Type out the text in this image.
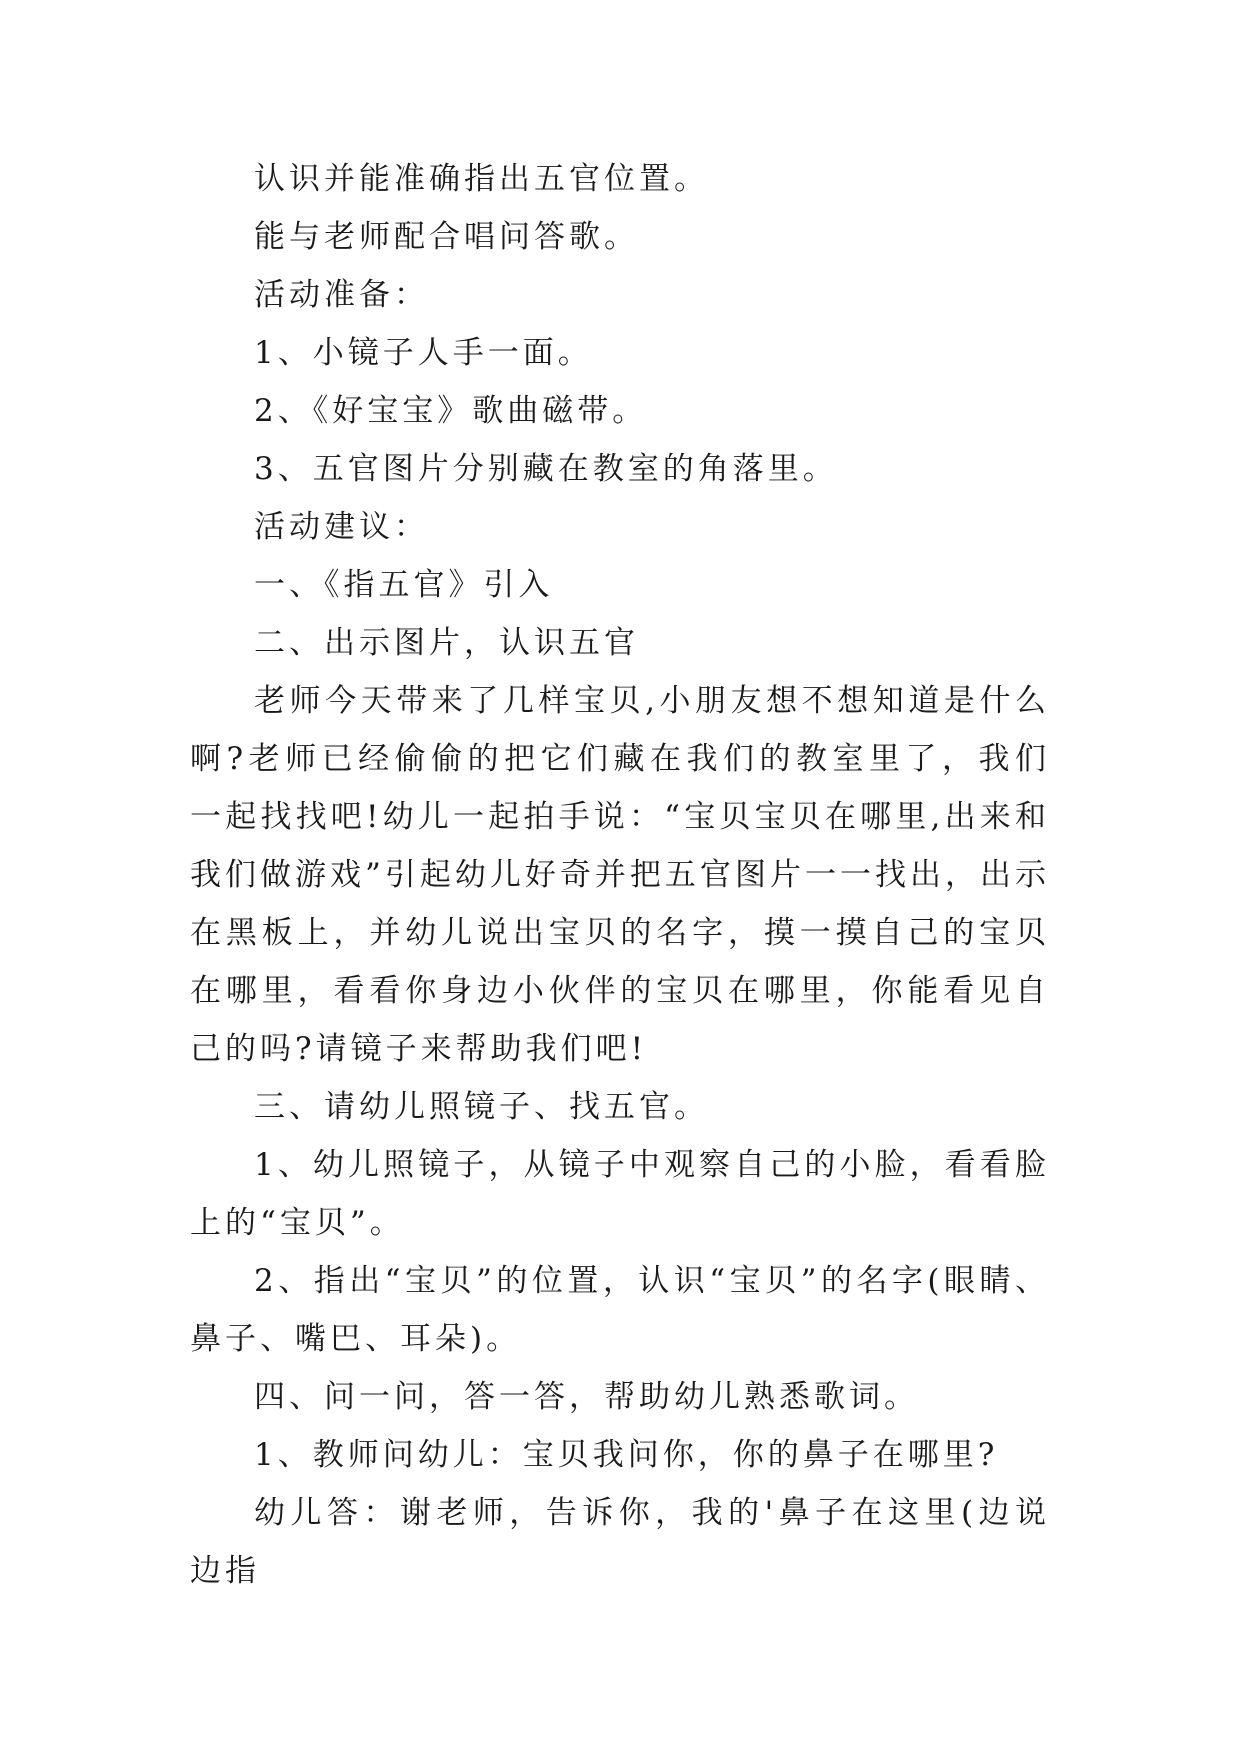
认识并能准确指出五官位置。

能与老师配合唱问答歌。

活动准备：

1、小镜子人手一面。

2、《好宝宝》歌曲磁带。

3、五官图片分别藏在教室的角落里。

活动建议：

一、《指五官》引入

二、出示图片，认识五官

老师今天带来了几样宝贝,小朋友想不想知道是什么啊?老师已经偷偷的把它们藏在我们的教室里了，我们一起找找吧!幼儿一起拍手说：“宝贝宝贝在哪里,出来和我们做游戏”引起幼儿好奇并把五官图片一一找出，出示在黑板上，并幼儿说出宝贝的名字，摸一摸自己的宝贝在哪里，看看你身边小伙伴的宝贝在哪里，你能看见自己的吗?请镜子来帮助我们吧!

三、请幼儿照镜子、找五官。

1、幼儿照镜子，从镜子中观察自己的小脸，看看脸上的“宝贝”。

2、指出“宝贝”的位置，认识“宝贝”的名字(眼睛、鼻子、嘴巴、耳朵)。

四、问一问，答一答，帮助幼儿熟悉歌词。

1、教师问幼儿：宝贝我问你，你的鼻子在哪里?

幼儿答：谢老师，告诉你，我的'鼻子在这里(边说边指
